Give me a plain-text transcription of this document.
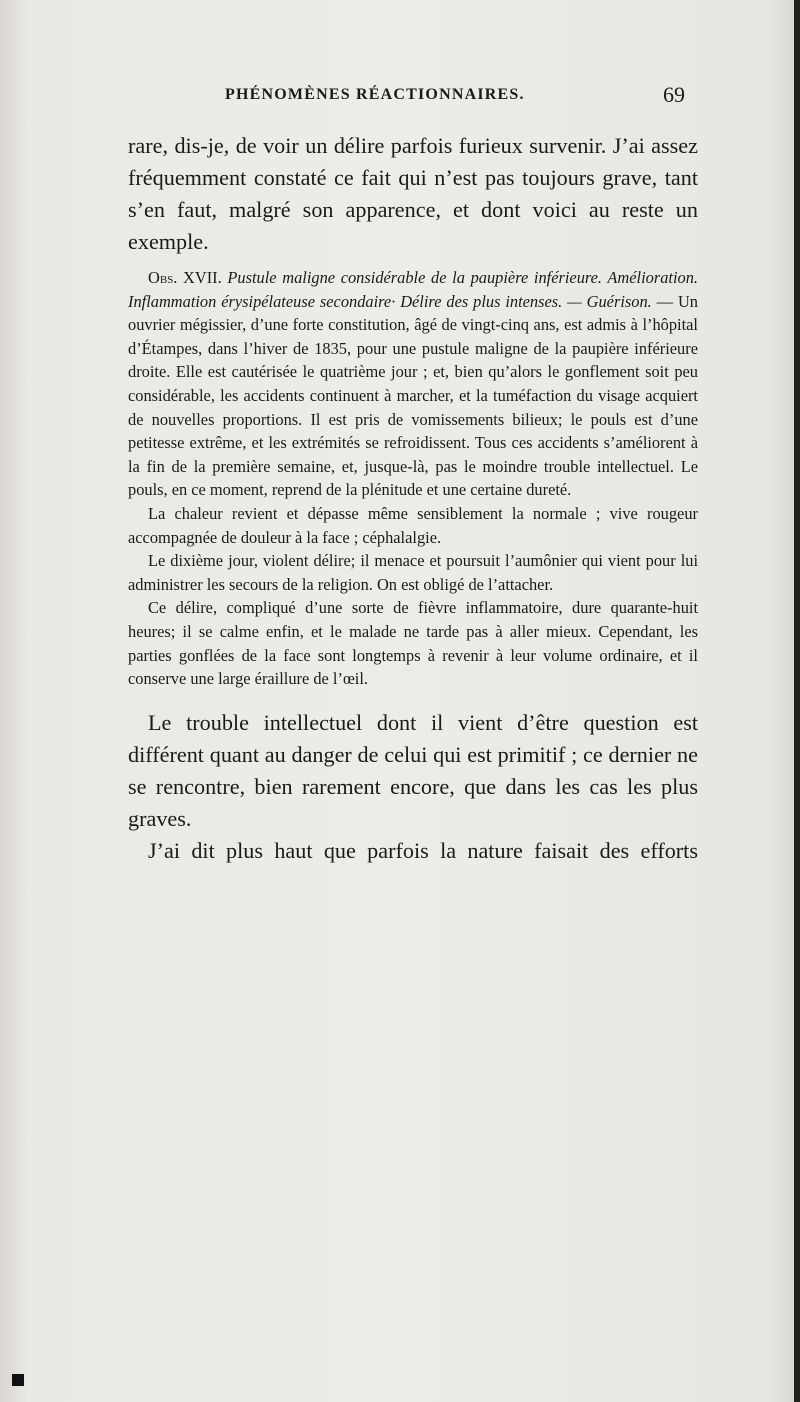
PHÉNOMÈNES RÉACTIONNAIRES.	69

rare, dis-je, de voir un délire parfois furieux survenir. J’ai assez fréquemment constaté ce fait qui n’est pas toujours grave, tant s’en faut, malgré son apparence, et dont voici au reste un exemple.

Obs. XVII. Pustule maligne considérable de la paupière inférieure. Amélioration. Inflammation érysipélateuse secondaire· Délire des plus intenses. — Guérison. — Un ouvrier mégissier, d’une forte constitution, âgé de vingt-cinq ans, est admis à l’hôpital d’Étampes, dans l’hiver de 1835, pour une pustule maligne de la paupière inférieure droite. Elle est cautérisée le quatrième jour ; et, bien qu’alors le gonflement soit peu considérable, les accidents continuent à marcher, et la tuméfaction du visage acquiert de nouvelles proportions. Il est pris de vomissements bilieux; le pouls est d’une petitesse extrême, et les extrémités se refroidissent. Tous ces accidents s’améliorent à la fin de la première semaine, et, jusque-là, pas le moindre trouble intellectuel. Le pouls, en ce moment, reprend de la plénitude et une certaine dureté.

La chaleur revient et dépasse même sensiblement la normale ; vive rougeur accompagnée de douleur à la face ; céphalalgie.

Le dixième jour, violent délire; il menace et poursuit l’aumônier qui vient pour lui administrer les secours de la religion. On est obligé de l’attacher.

Ce délire, compliqué d’une sorte de fièvre inflammatoire, dure quarante-huit heures; il se calme enfin, et le malade ne tarde pas à aller mieux. Cependant, les parties gonflées de la face sont longtemps à revenir à leur volume ordinaire, et il conserve une large éraillure de l’œil.

Le trouble intellectuel dont il vient d’être question est différent quant au danger de celui qui est primitif ; ce dernier ne se rencontre, bien rarement encore, que dans les cas les plus graves.

J’ai dit plus haut que parfois la nature faisait des efforts
